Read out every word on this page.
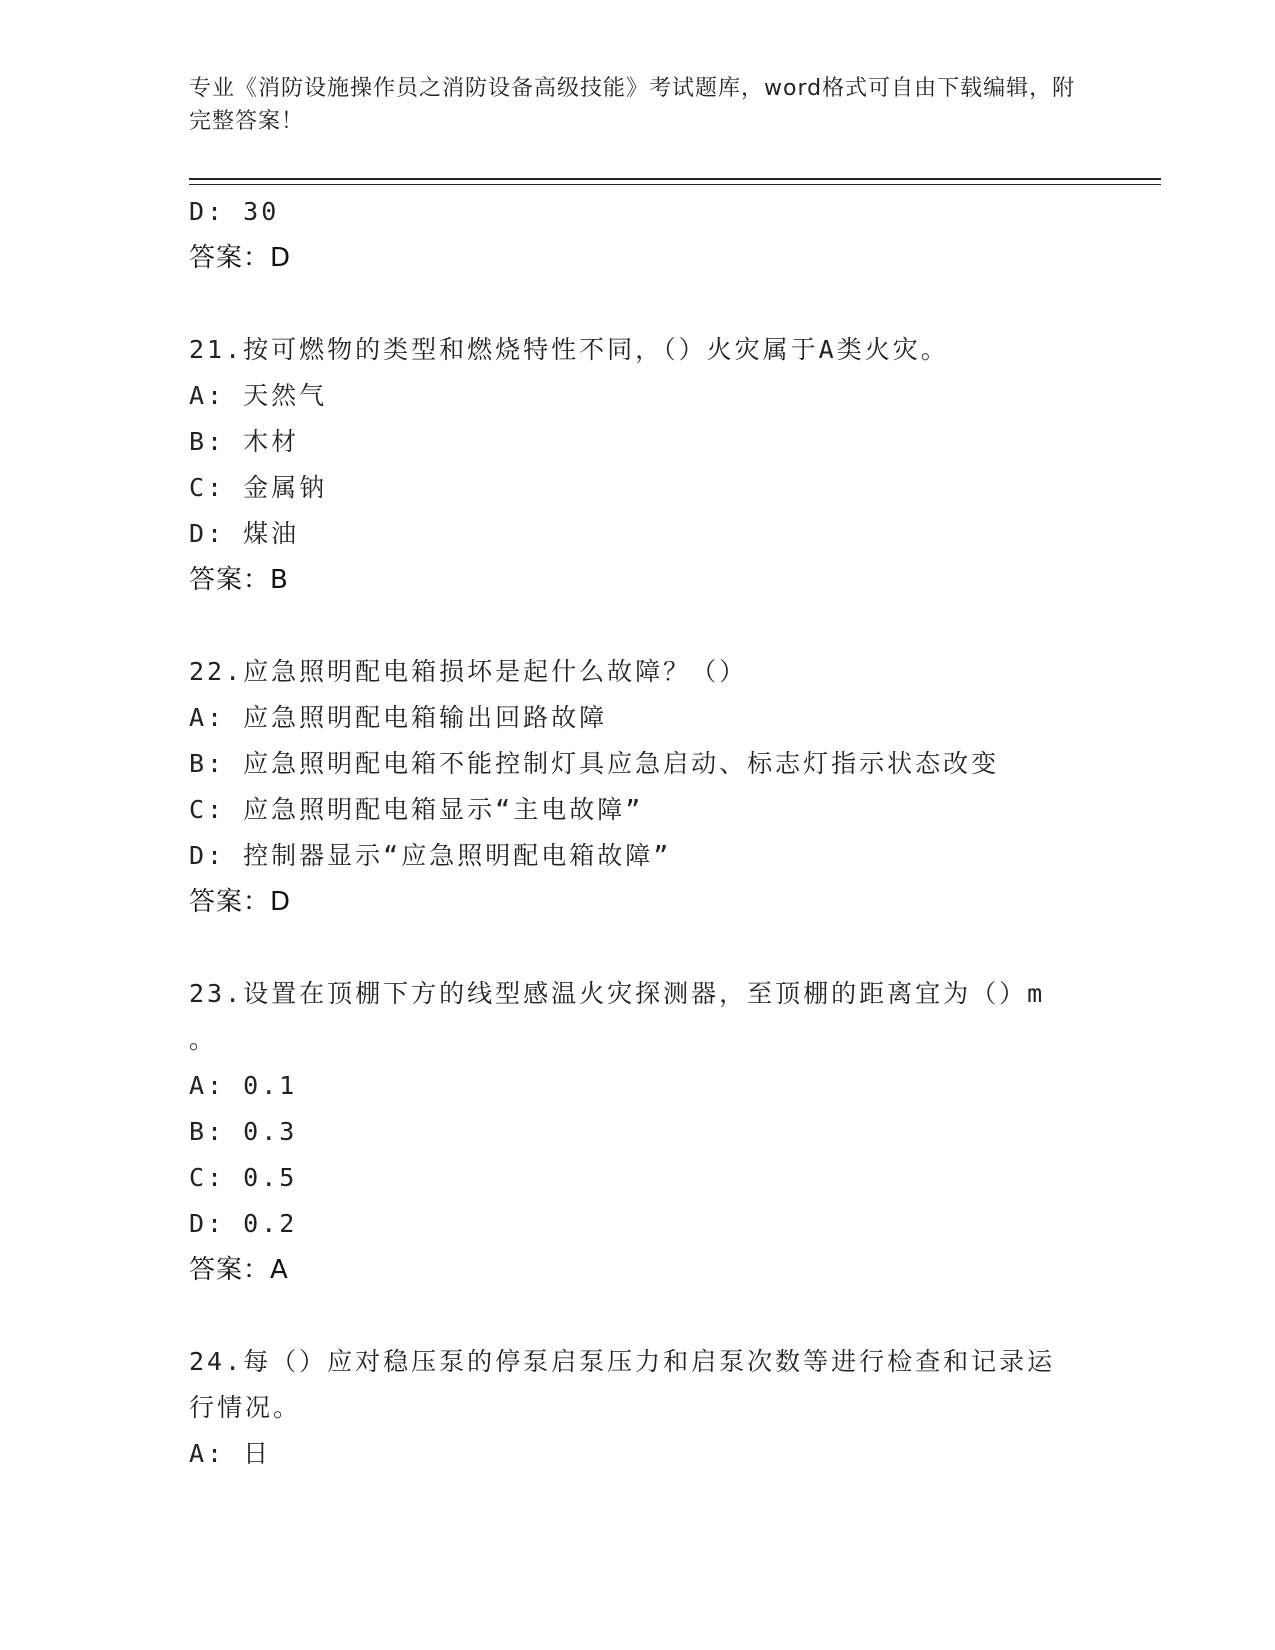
专业《消防设施操作员之消防设备高级技能》考试题库，word格式可自由下载编辑，附完整答案！
D: 30
答案：D
21.按可燃物的类型和燃烧特性不同，（）火灾属于A类火灾。
A: 天然气
B: 木材
C: 金属钠
D: 煤油
答案：B
22.应急照明配电箱损坏是起什么故障？（）
A: 应急照明配电箱输出回路故障
B: 应急照明配电箱不能控制灯具应急启动、标志灯指示状态改变
C: 应急照明配电箱显示“主电故障”
D: 控制器显示“应急照明配电箱故障”
答案：D
23.设置在顶棚下方的线型感温火灾探测器，至顶棚的距离宜为（）m
。
A: 0.1
B: 0.3
C: 0.5
D: 0.2
答案：A
24.每（）应对稳压泵的停泵启泵压力和启泵次数等进行检查和记录运
行情况。
A: 日
